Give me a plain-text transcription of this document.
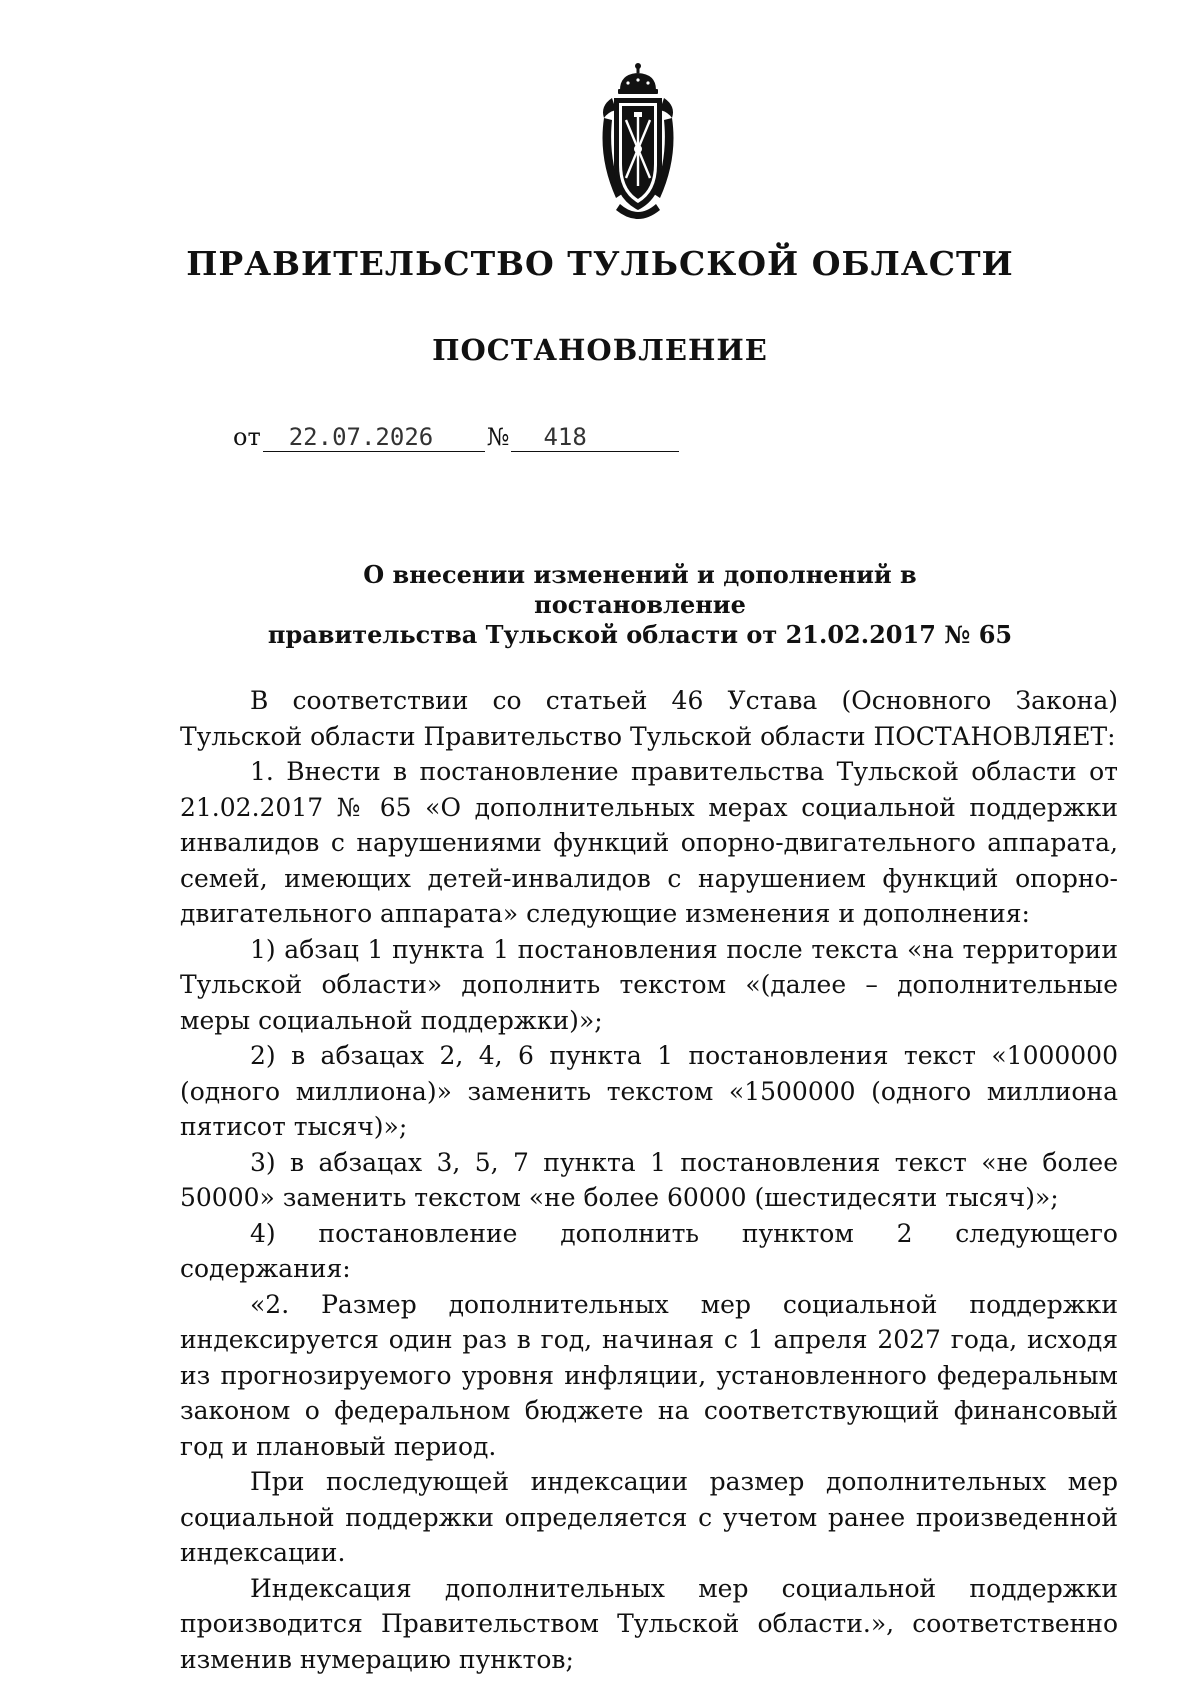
ПРАВИТЕЛЬСТВО ТУЛЬСКОЙ ОБЛАСТИ
ПОСТАНОВЛЕНИЕ
от 22.07.2026 № 418
О внесении изменений и дополнений в постановление
правительства Тульской области от 21.02.2017 № 65

В соответствии со статьей 46 Устава (Основного Закона) Тульской области Правительство Тульской области ПОСТАНОВЛЯЕТ:

1. Внести в постановление правительства Тульской области от 21.02.2017 № 65 «О дополнительных мерах социальной поддержки инвалидов с нарушениями функций опорно-двигательного аппарата, семей, имеющих детей-инвалидов с нарушением функций опорно-двигательного аппарата» следующие изменения и дополнения:

1) абзац 1 пункта 1 постановления после текста «на территории Тульской области» дополнить текстом «(далее – дополнительные меры социальной поддержки)»;

2) в абзацах 2, 4, 6 пункта 1 постановления текст «1000000 (одного миллиона)» заменить текстом «1500000 (одного миллиона пятисот тысяч)»;

3) в абзацах 3, 5, 7 пункта 1 постановления текст «не более 50000» заменить текстом «не более 60000 (шестидесяти тысяч)»;

4) постановление дополнить пунктом 2 следующего содержания:

«2. Размер дополнительных мер социальной поддержки индексируется один раз в год, начиная с 1 апреля 2027 года, исходя из прогнозируемого уровня инфляции, установленного федеральным законом о федеральном бюджете на соответствующий финансовый год и плановый период.

При последующей индексации размер дополнительных мер социальной поддержки определяется с учетом ранее произведенной индексации.

Индексация дополнительных мер социальной поддержки производится Правительством Тульской области.», соответственно изменив нумерацию пунктов;
